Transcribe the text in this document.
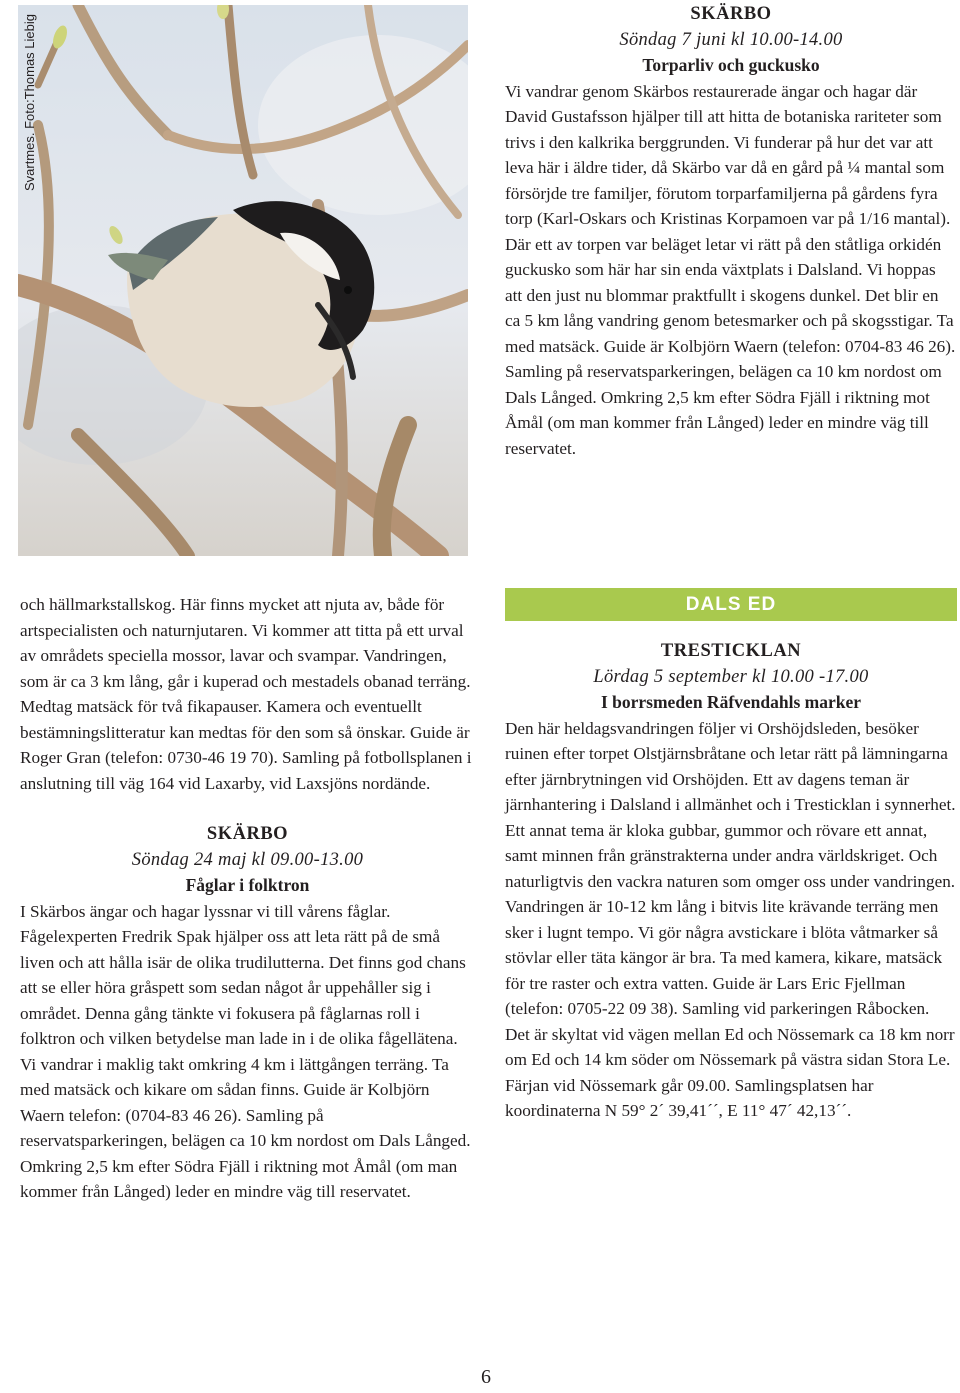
Svartmes. Foto:Thomas Liebig	SKÄRBO

Söndag 7 juni kl 10.00-14.00

Torparliv och guckusko

Vi vandrar genom Skärbos restaurerade ängar och hagar där David Gustafsson hjälper till att hitta de botaniska rariteter som trivs i den kalkrika berggrunden. Vi funderar på hur det var att leva här i äldre tider, då Skärbo var då en gård på ¼ mantal som försörjde tre familjer, förutom torparfamiljerna på gårdens fyra torp (Karl-Oskars och Kristinas Korpamoen var på 1/16 mantal). Där ett av torpen var beläget letar vi rätt på den ståtliga orkidén guckusko som här har sin enda växtplats i Dalsland. Vi hoppas att den just nu blommar praktfullt i skogens dunkel. Det blir en ca 5 km lång vandring genom betesmarker och på skogsstigar. Ta med matsäck. Guide är Kolbjörn Waern (telefon: 0704-83 46 26). Samling på reservatsparkeringen, belägen ca 10 km nordost om Dals Långed. Omkring 2,5 km efter Södra Fjäll i riktning mot Åmål (om man kommer från Långed) leder en mindre väg till reservatet.

och hällmarkstallskog. Här finns mycket att njuta av, både för artspecialisten och naturnjutaren. Vi kommer att titta på ett urval av områdets speciella mossor, lavar och svampar. Vandringen, som är ca 3 km lång, går i kuperad och mestadels obanad terräng. Medtag matsäck för två fikapauser. Kamera och eventuellt bestämningslitteratur kan medtas för den som så önskar. Guide är Roger Gran (telefon: 0730-46 19 70). Samling på fotbollsplanen i anslutning till väg 164 vid Laxarby, vid Laxsjöns nordände.

SKÄRBO

Söndag 24 maj kl 09.00-13.00

Fåglar i folktron

I Skärbos ängar och hagar lyssnar vi till vårens fåglar. Fågelexperten Fredrik Spak hjälper oss att leta rätt på de små liven och att hålla isär de olika trudilutterna. Det finns god chans att se eller höra gråspett som sedan något år uppehåller sig i området. Denna gång tänkte vi fokusera på fåglarnas roll i folktron och vilken betydelse man lade in i de olika fågellätena. Vi vandrar i maklig takt omkring 4 km i lättgången terräng. Ta med matsäck och kikare om sådan finns. Guide är Kolbjörn Waern telefon: (0704-83 46 26). Samling på reservatsparkeringen, belägen ca 10 km nordost om Dals Långed. Omkring 2,5 km efter Södra Fjäll i riktning mot Åmål (om man kommer från Långed) leder en mindre väg till reservatet.

DALS ED

TRESTICKLAN

Lördag 5 september kl 10.00 -17.00

I borrsmeden Räfvendahls marker

Den här heldagsvandringen följer vi Orshöjdsleden, besöker ruinen efter torpet Olstjärnsbråtane och letar rätt på lämningarna efter järnbrytningen vid Orshöjden. Ett av dagens teman är järnhantering i Dalsland i allmänhet och i Tresticklan i synnerhet. Ett annat tema är kloka gubbar, gummor och rövare ett annat, samt minnen från gränstrakterna under andra världskriget. Och naturligtvis den vackra naturen som omger oss under vandringen. Vandringen är 10-12 km lång i bitvis lite krävande terräng men sker i lugnt tempo. Vi gör några avstickare i blöta våtmarker så stövlar eller täta kängor är bra. Ta med kamera, kikare, matsäck för tre raster och extra vatten. Guide är Lars Eric Fjellman (telefon: 0705-22 09 38). Samling vid parkeringen Råbocken. Det är skyltat vid vägen mellan Ed och Nössemark ca 18 km norr om Ed och 14 km söder om Nössemark på västra sidan Stora Le. Färjan vid Nössemark går 09.00. Samlingsplatsen har koordinaterna N 59° 2´ 39,41´´, E 11° 47´ 42,13´´.

6
